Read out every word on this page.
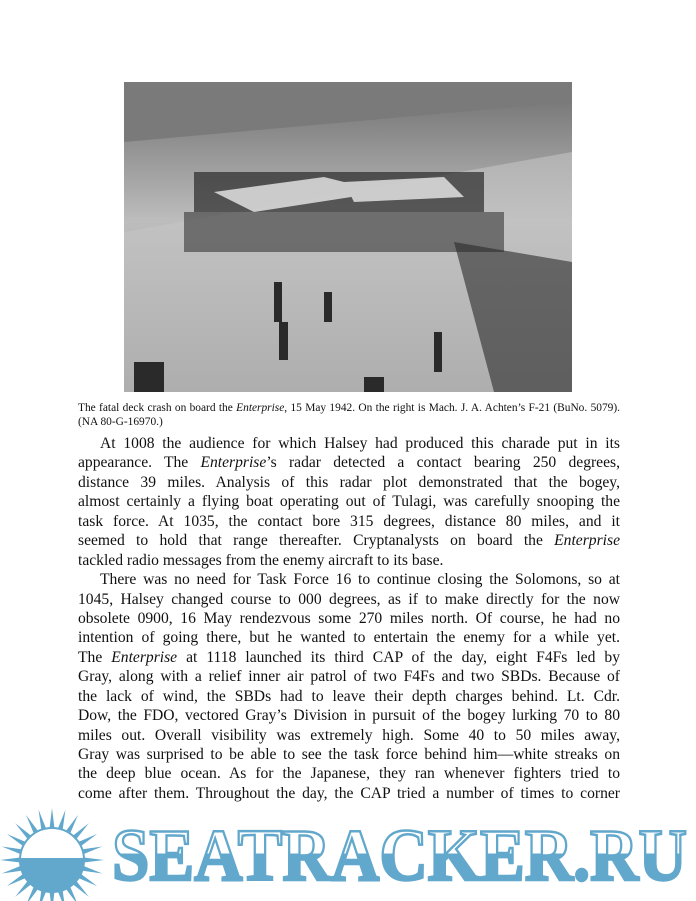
The fatal deck crash on board the Enterprise, 15 May 1942. On the right is Mach. J. A. Achten’s F-21 (BuNo. 5079). (NA 80-G-16970.)
At 1008 the audience for which Halsey had produced this charade put in its
appearance. The Enterprise’s radar detected a contact bearing 250 degrees,
distance 39 miles. Analysis of this radar plot demonstrated that the bogey,
almost certainly a flying boat operating out of Tulagi, was carefully snooping the
task force. At 1035, the contact bore 315 degrees, distance 80 miles, and it
seemed to hold that range thereafter. Cryptanalysts on board the Enterprise
tackled radio messages from the enemy aircraft to its base.
There was no need for Task Force 16 to continue closing the Solomons, so at
1045, Halsey changed course to 000 degrees, as if to make directly for the now
obsolete 0900, 16 May rendezvous some 270 miles north. Of course, he had no
intention of going there, but he wanted to entertain the enemy for a while yet.
The Enterprise at 1118 launched its third CAP of the day, eight F4Fs led by
Gray, along with a relief inner air patrol of two F4Fs and two SBDs. Because of
the lack of wind, the SBDs had to leave their depth charges behind. Lt. Cdr.
Dow, the FDO, vectored Gray’s Division in pursuit of the bogey lurking 70 to 80
miles out. Overall visibility was extremely high. Some 40 to 50 miles away,
Gray was surprised to be able to see the task force behind him—white streaks on
the deep blue ocean. As for the Japanese, they ran whenever fighters tried to
come after them. Throughout the day, the CAP tried a number of times to corner
SEATRACKER.RU
